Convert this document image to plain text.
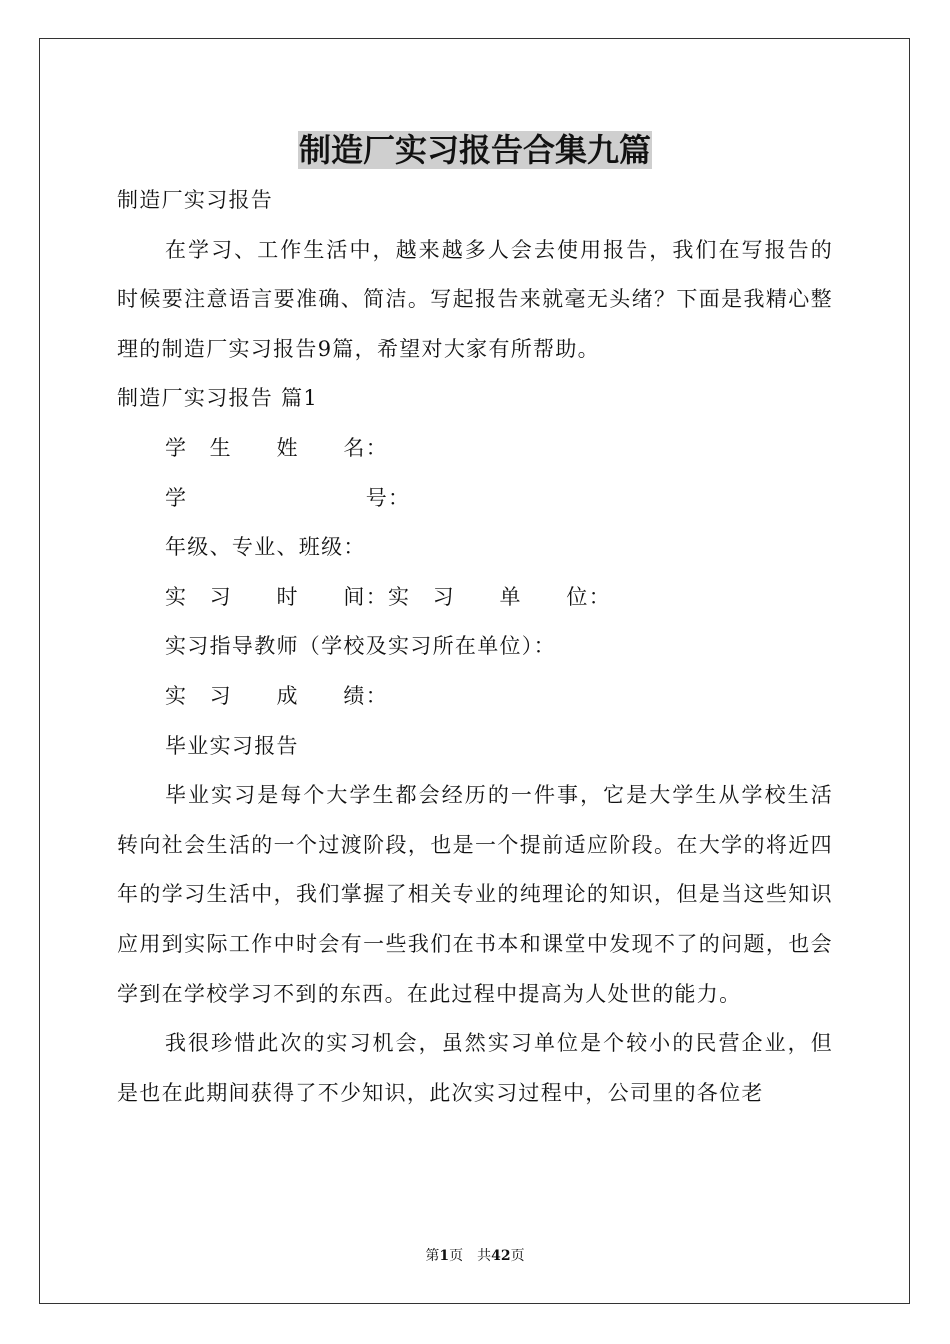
制造厂实习报告合集九篇

制造厂实习报告

在学习、工作生活中，越来越多人会去使用报告，我们在写报告的时候要注意语言要准确、简洁。写起报告来就毫无头绪？下面是我精心整理的制造厂实习报告9篇，希望对大家有所帮助。

制造厂实习报告 篇1

学　生　　姓　　名：

学　　　　　　　　号：

年级、专业、班级：

实　习　　时　　间：实　习　　单　　位：

实习指导教师（学校及实习所在单位）：

实　习　　成　　绩：

毕业实习报告

毕业实习是每个大学生都会经历的一件事，它是大学生从学校生活转向社会生活的一个过渡阶段，也是一个提前适应阶段。在大学的将近四年的学习生活中，我们掌握了相关专业的纯理论的知识，但是当这些知识应用到实际工作中时会有一些我们在书本和课堂中发现不了的问题，也会学到在学校学习不到的东西。在此过程中提高为人处世的能力。

我很珍惜此次的实习机会，虽然实习单位是个较小的民营企业，但是也在此期间获得了不少知识，此次实习过程中，公司里的各位老

第1页 共42页
